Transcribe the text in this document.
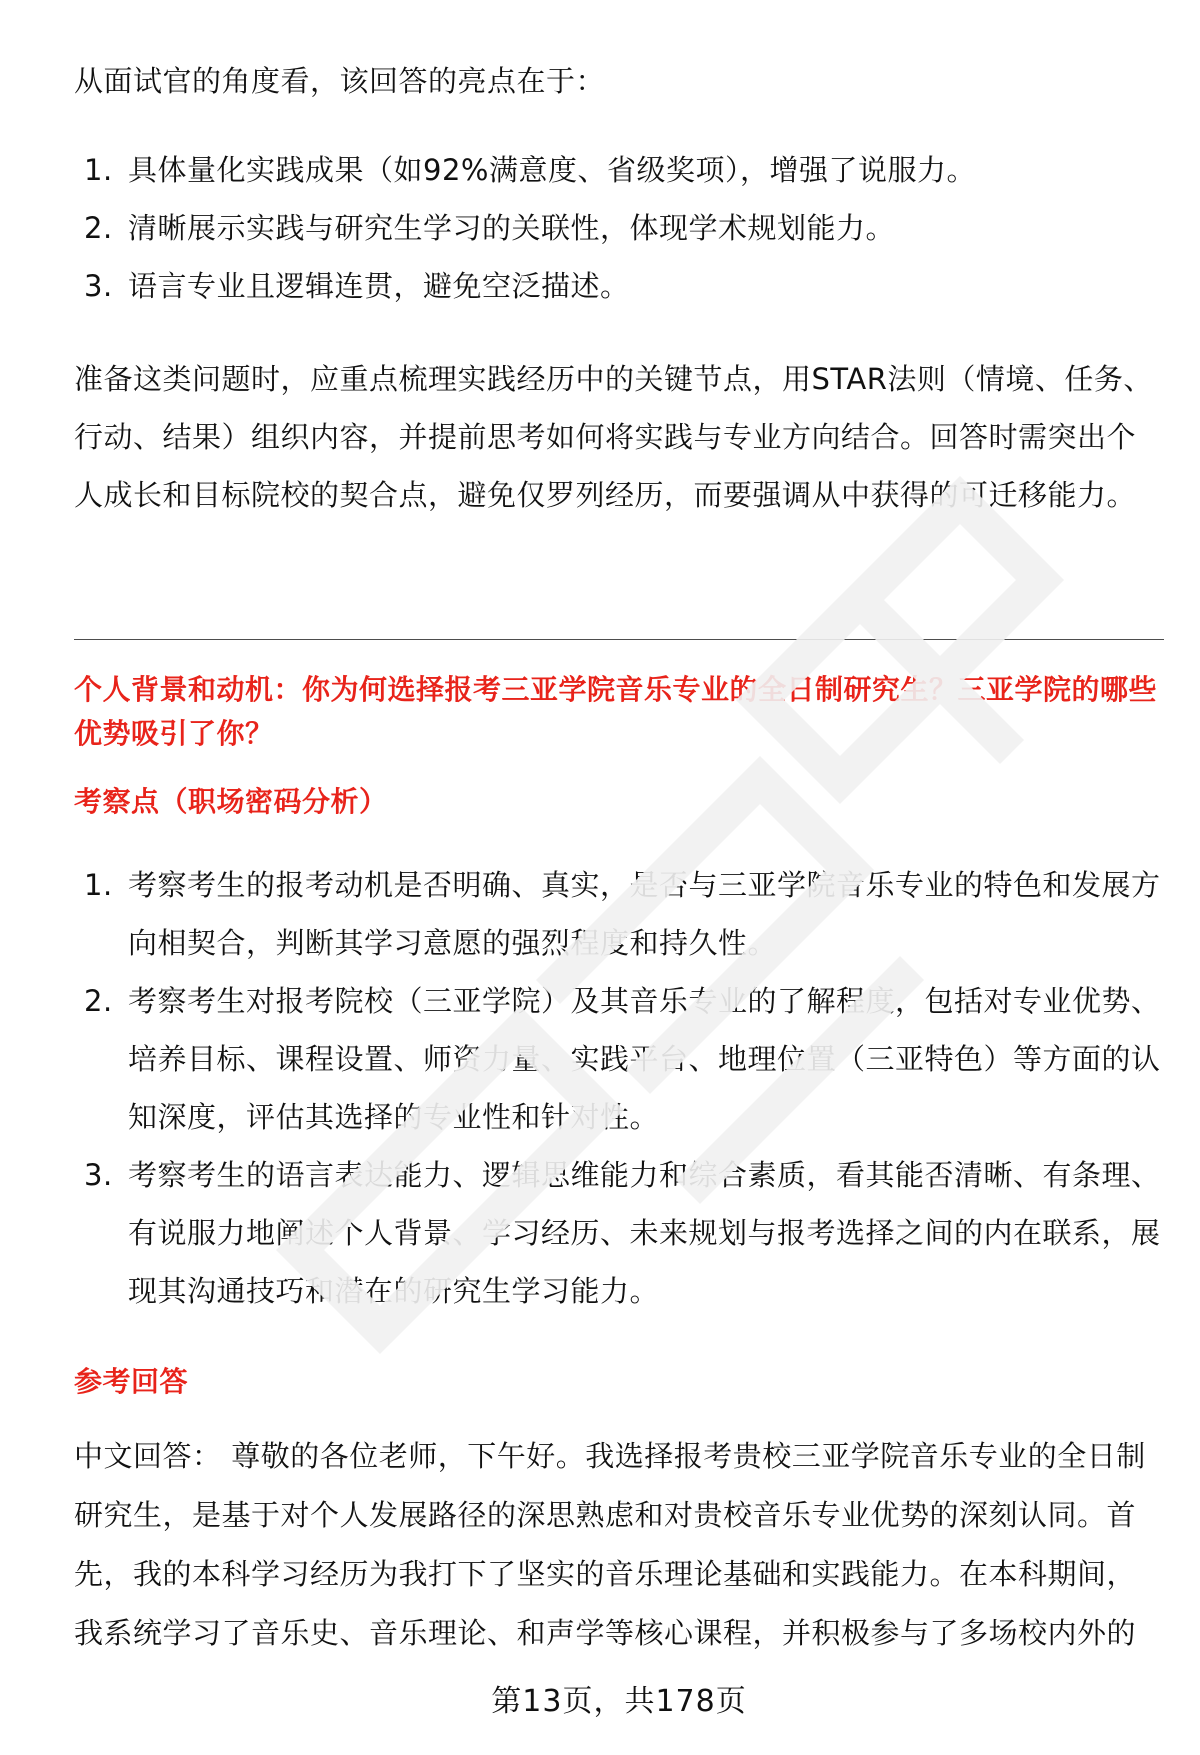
从面试官的角度看，该回答的亮点在于：

1. 具体量化实践成果（如92%满意度、省级奖项），增强了说服力。
2. 清晰展示实践与研究生学习的关联性，体现学术规划能力。
3. 语言专业且逻辑连贯，避免空泛描述。

准备这类问题时，应重点梳理实践经历中的关键节点，用STAR法则（情境、任务、行动、结果）组织内容，并提前思考如何将实践与专业方向结合。回答时需突出个人成长和目标院校的契合点，避免仅罗列经历，而要强调从中获得的可迁移能力。

个人背景和动机：你为何选择报考三亚学院音乐专业的全日制研究生？三亚学院的哪些优势吸引了你？
考察点（职场密码分析）
1. 考察考生的报考动机是否明确、真实，是否与三亚学院音乐专业的特色和发展方向相契合，判断其学习意愿的强烈程度和持久性。
2. 考察考生对报考院校（三亚学院）及其音乐专业的了解程度，包括对专业优势、培养目标、课程设置、师资力量、实践平台、地理位置（三亚特色）等方面的认知深度，评估其选择的专业性和针对性。
3. 考察考生的语言表达能力、逻辑思维能力和综合素质，看其能否清晰、有条理、有说服力地阐述个人背景、学习经历、未来规划与报考选择之间的内在联系，展现其沟通技巧和潜在的研究生学习能力。
参考回答

中文回答： 尊敬的各位老师，下午好。我选择报考贵校三亚学院音乐专业的全日制研究生，是基于对个人发展路径的深思熟虑和对贵校音乐专业优势的深刻认同。首先，我的本科学习经历为我打下了坚实的音乐理论基础和实践能力。在本科期间，我系统学习了音乐史、音乐理论、和声学等核心课程，并积极参与了多场校内外的

第13页，共178页
